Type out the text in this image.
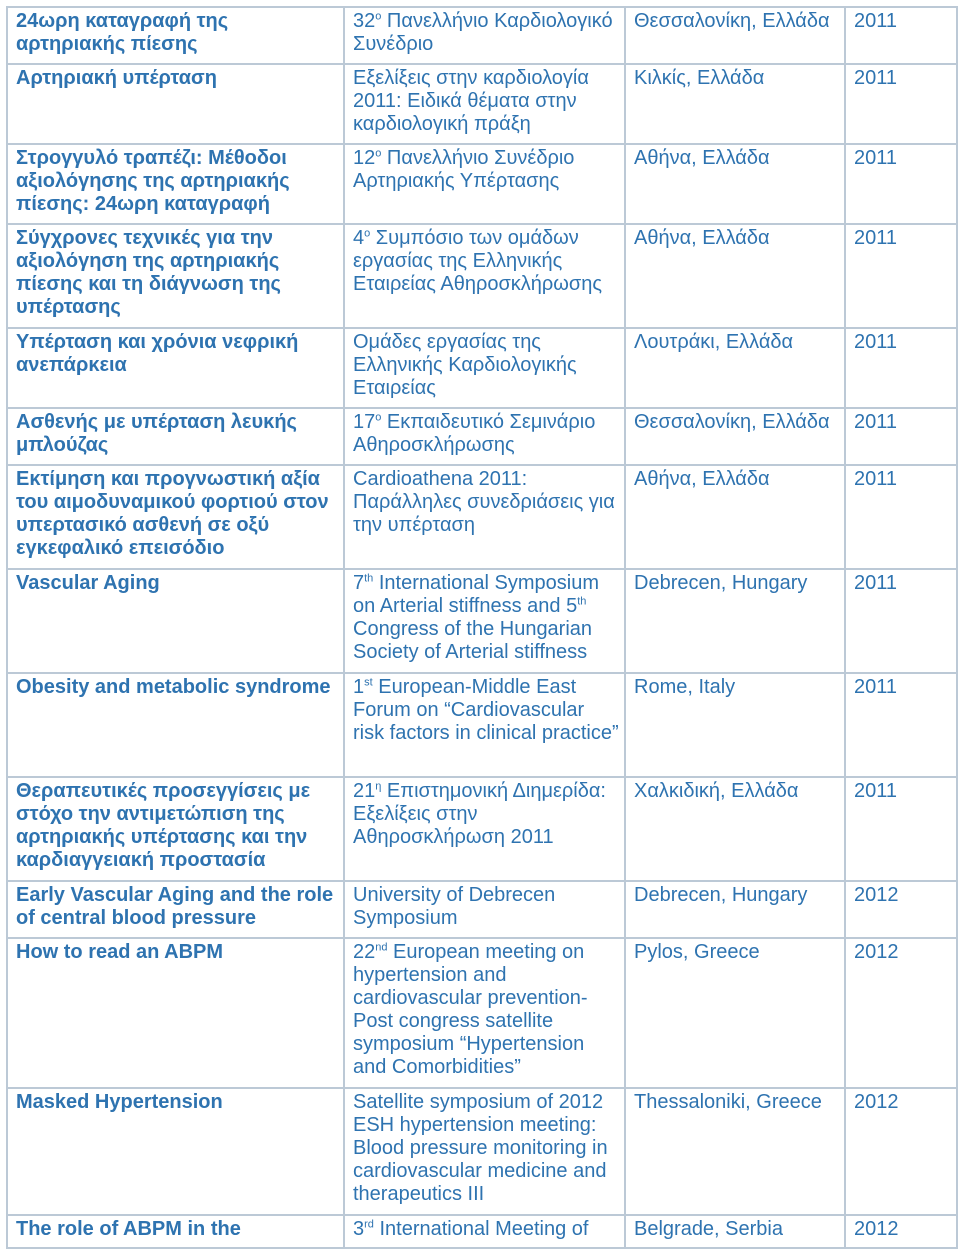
24ωρη καταγραφή της αρτηριακής πίεσης	$32^o$ Πανελλήνιο Καρδιολογικό Συνέδριο	Θεσσαλονίκη, Ελλάδα	2011
Αρτηριακή υπέρταση	Εξελίξεις στην καρδιολογία 2011: Ειδικά θέματα στην καρδιολογική πράξη	Κιλκίς, Ελλάδα	2011
Στρογγυλό τραπέζι: Μέθοδοι αξιολόγησης της αρτηριακής πίεσης: 24ωρη καταγραφή	$12^o$ Πανελλήνιο Συνέδριο Αρτηριακής Υπέρτασης	Αθήνα, Ελλάδα	2011
Σύγχρονες τεχνικές για την αξιολόγηση της αρτηριακής πίεσης και τη διάγνωση της υπέρτασης	$4^o$ Συμπόσιο των ομάδων εργασίας της Ελληνικής Εταιρείας Αθηροσκλήρωσης	Αθήνα, Ελλάδα	2011
Υπέρταση και χρόνια νεφρική ανεπάρκεια	Ομάδες εργασίας της Ελληνικής Καρδιολογικής Εταιρείας	Λουτράκι, Ελλάδα	2011
Ασθενής με υπέρταση λευκής μπλούζας	$17^o$ Εκπαιδευτικό Σεμινάριο Αθηροσκλήρωσης	Θεσσαλονίκη, Ελλάδα	2011
Εκτίμηση και προγνωστική αξία του αιμοδυναμικού φορτιού στον υπερτασικό ασθενή σε οξύ εγκεφαλικό επεισόδιο	Cardioathena 2011: Παράλληλες συνεδριάσεις για την υπέρταση	Αθήνα, Ελλάδα	2011
Vascular Aging	7th International Symposium on Arterial stiffness and 5th Congress of the Hungarian Society of Arterial stiffness	Debrecen, Hungary	2011
Obesity and metabolic syndrome	1st European-Middle East Forum on “Cardiovascular risk factors in clinical practice”	Rome, Italy	2011
Θεραπευτικές προσεγγίσεις με στόχο την αντιμετώπιση της αρτηριακής υπέρτασης και την καρδιαγγειακή προστασία	$21^\eta$ Επιστημονική Διημερίδα: Εξελίξεις στην Αθηροσκλήρωση 2011	Χαλκιδική, Ελλάδα	2011
Early Vascular Aging and the role of central blood pressure	University of Debrecen Symposium	Debrecen, Hungary	2012
How to read an ABPM	22nd European meeting on hypertension and cardiovascular prevention-Post congress satellite symposium “Hypertension and Comorbidities”	Pylos, Greece	2012
Masked Hypertension	Satellite symposium of 2012 ESH hypertension meeting: Blood pressure monitoring in cardiovascular medicine and therapeutics III	Thessaloniki, Greece	2012
The role of ABPM in the	3rd International Meeting of	Belgrade, Serbia	2012
